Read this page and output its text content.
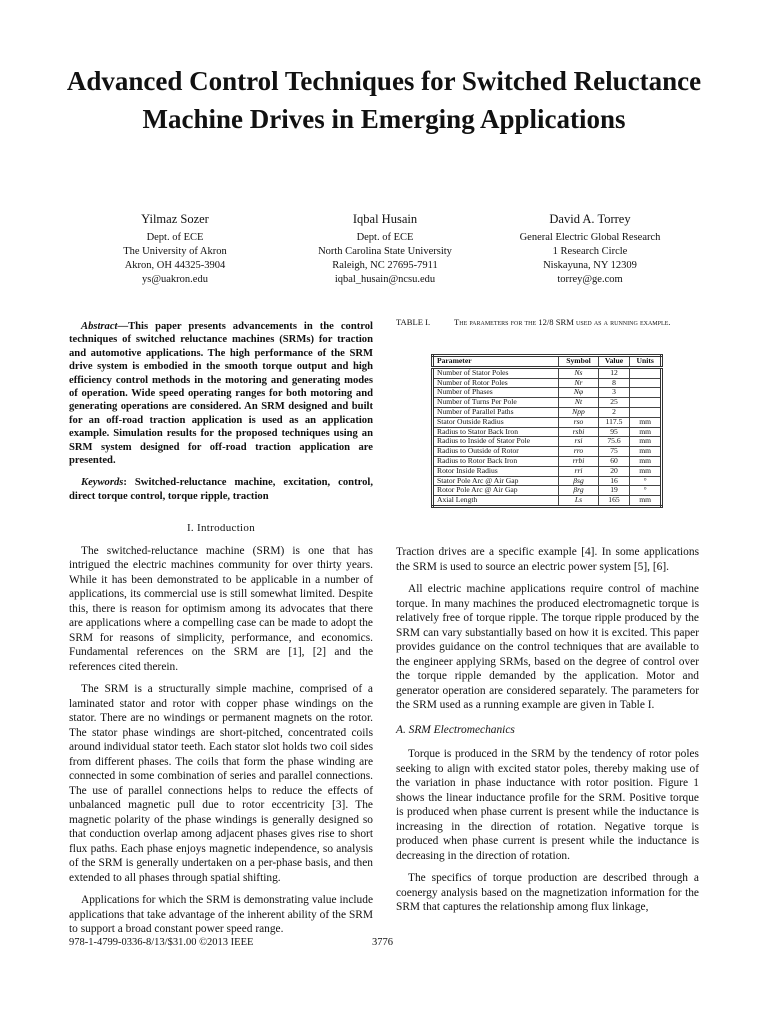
Advanced Control Techniques for Switched Reluctance Machine Drives in Emerging Applications
Yilmaz Sozer
Dept. of ECE
The University of Akron
Akron, OH 44325-3904
ys@uakron.edu
Iqbal Husain
Dept. of ECE
North Carolina State University
Raleigh, NC 27695-7911
iqbal_husain@ncsu.edu
David A. Torrey
General Electric Global Research
1 Research Circle
Niskayuna, NY 12309
torrey@ge.com

Abstract—This paper presents advancements in the control techniques of switched reluctance machines (SRMs) for traction and automotive applications. The high performance of the SRM drive system is embodied in the smooth torque output and high efficiency control methods in the motoring and generating modes of operation. Wide speed operating ranges for both motoring and generating operations are considered. An SRM designed and built for an off-road traction application is used as an application example. Simulation results for the proposed techniques using an SRM system designed for off-road traction application are presented.

Keywords: Switched-reluctance machine, excitation, control, direct torque control, torque ripple, traction

I. Introduction

The switched-reluctance machine (SRM) is one that has intrigued the electric machines community for over thirty years. While it has been demonstrated to be applicable in a number of applications, its commercial use is still somewhat limited. Despite this, there is reason for optimism among its advocates that there are applications where a compelling case can be made to adopt the SRM for reasons of simplicity, performance, and economics. Fundamental references on the SRM are [1], [2] and the references cited therein.

The SRM is a structurally simple machine, comprised of a laminated stator and rotor with copper phase windings on the stator. There are no windings or permanent magnets on the rotor. The stator phase windings are short-pitched, concentrated coils around individual stator teeth. Each stator slot holds two coil sides from different phases. The coils that form the phase winding are connected in some combination of series and parallel connections. The use of parallel connections helps to reduce the effects of unbalanced magnetic pull due to rotor eccentricity [3]. The magnetic polarity of the phase windings is generally designed so that conduction overlap among adjacent phases gives rise to short flux paths. Each phase enjoys magnetic independence, so analysis of the SRM is generally undertaken on a per-phase basis, and then extended to all phases through spatial shifting.

Applications for which the SRM is demonstrating value include applications that take advantage of the inherent ability of the SRM to support a broad constant power speed range.

TABLE I.	The parameters for the 12/8 SRM used as a running example.
Parameter	Symbol	Value	Units
Number of Stator Poles	Ns	12	
Number of Rotor Poles	Nr	8	
Number of Phases	Nφ	3	
Number of Turns Per Pole	Nt	25	
Number of Parallel Paths	Npp	2	
Stator Outside Radius	rso	117.5	mm
Radius to Stator Back Iron	rsbi	95	mm
Radius to Inside of Stator Pole	rsi	75.6	mm
Radius to Outside of Rotor	rro	75	mm
Radius to Rotor Back Iron	rrbi	60	mm
Rotor Inside Radius	rri	20	mm
Stator Pole Arc @ Air Gap	βsg	16	°
Rotor Pole Arc @ Air Gap	βrg	19	°
Axial Length	Ls	165	mm

Traction drives are a specific example [4]. In some applications the SRM is used to source an electric power system [5], [6].

All electric machine applications require control of machine torque. In many machines the produced electromagnetic torque is relatively free of torque ripple. The torque ripple produced by the SRM can vary substantially based on how it is excited. This paper provides guidance on the control techniques that are available to the engineer applying SRMs, based on the degree of control over the torque ripple demanded by the application. Motor and generator operation are considered separately. The parameters for the SRM used as a running example are given in Table I.

A. SRM Electromechanics

Torque is produced in the SRM by the tendency of rotor poles seeking to align with excited stator poles, thereby making use of the variation in phase inductance with rotor position. Figure 1 shows the linear inductance profile for the SRM. Positive torque is produced when phase current is present while the inductance is increasing in the direction of rotation. Negative torque is produced when phase current is present while the inductance is decreasing in the direction of rotation.

The specifics of torque production are described through a coenergy analysis based on the magnetization information for the SRM that captures the relationship among flux linkage,

978-1-4799-0336-8/13/$31.00 ©2013 IEEE	3776
